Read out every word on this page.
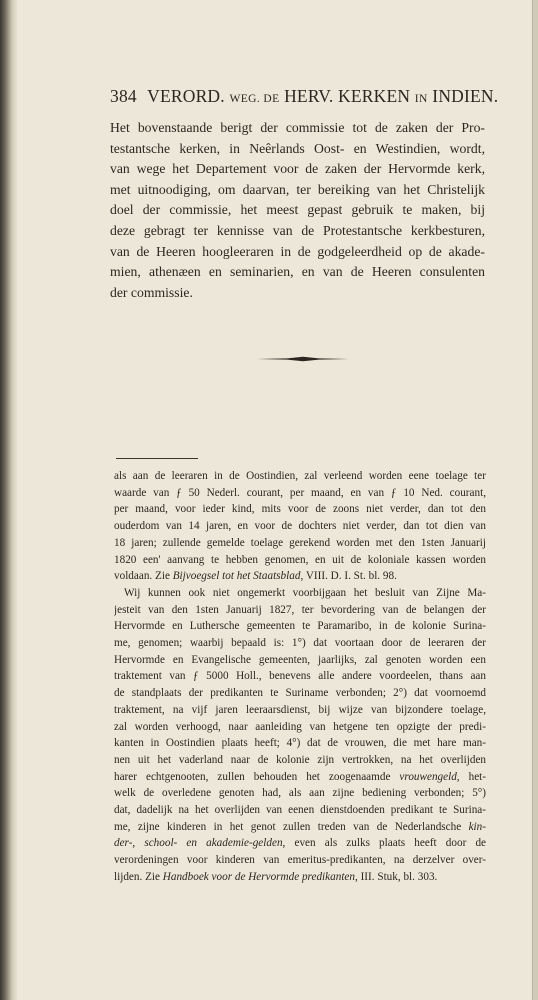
384 VERORD. WEG. DE HERV. KERKEN IN INDIEN.
Het bovenstaande berigt der commissie tot de zaken der Pro-
testantsche kerken, in Neêrlands Oost- en Westindien, wordt,
van wege het Departement voor de zaken der Hervormde kerk,
met uitnoodiging, om daarvan, ter bereiking van het Christelijk
doel der commissie, het meest gepast gebruik te maken, bij
deze gebragt ter kennisse van de Protestantsche kerkbesturen,
van de Heeren hoogleeraren in de godgeleerdheid op de akade-
mien, athenæen en seminarien, en van de Heeren consulenten
der commissie.
als aan de leeraren in de Oostindien, zal verleend worden eene toelage ter
waarde van ƒ 50 Nederl. courant, per maand, en van ƒ 10 Ned. courant,
per maand, voor ieder kind, mits voor de zoons niet verder, dan tot den
ouderdom van 14 jaren, en voor de dochters niet verder, dan tot dien van
18 jaren; zullende gemelde toelage gerekend worden met den 1sten Januarij
1820 een' aanvang te hebben genomen, en uit de koloniale kassen worden
voldaan. Zie Bijvoegsel tot het Staatsblad, VIII. D. I. St. bl. 98.
Wij kunnen ook niet ongemerkt voorbijgaan het besluit van Zijne Ma-
jesteit van den 1sten Januarij 1827, ter bevordering van de belangen der
Hervormde en Luthersche gemeenten te Paramaribo, in de kolonie Surina-
me, genomen; waarbij bepaald is: 1°) dat voortaan door de leeraren der
Hervormde en Evangelische gemeenten, jaarlijks, zal genoten worden een
traktement van ƒ 5000 Holl., benevens alle andere voordeelen, thans aan
de standplaats der predikanten te Suriname verbonden; 2°) dat voornoemd
traktement, na vijf jaren leeraarsdienst, bij wijze van bijzondere toelage,
zal worden verhoogd, naar aanleiding van hetgene ten opzigte der predi-
kanten in Oostindien plaats heeft; 4°) dat de vrouwen, die met hare man-
nen uit het vaderland naar de kolonie zijn vertrokken, na het overlijden
harer echtgenooten, zullen behouden het zoogenaamde vrouwengeld, het-
welk de overledene genoten had, als aan zijne bediening verbonden; 5°)
dat, dadelijk na het overlijden van eenen dienstdoenden predikant te Surina-
me, zijne kinderen in het genot zullen treden van de Nederlandsche kin-
der-, school- en akademie-gelden, even als zulks plaats heeft door de
verordeningen voor kinderen van emeritus-predikanten, na derzelver over-
lijden. Zie Handboek voor de Hervormde predikanten, III. Stuk, bl. 303.
